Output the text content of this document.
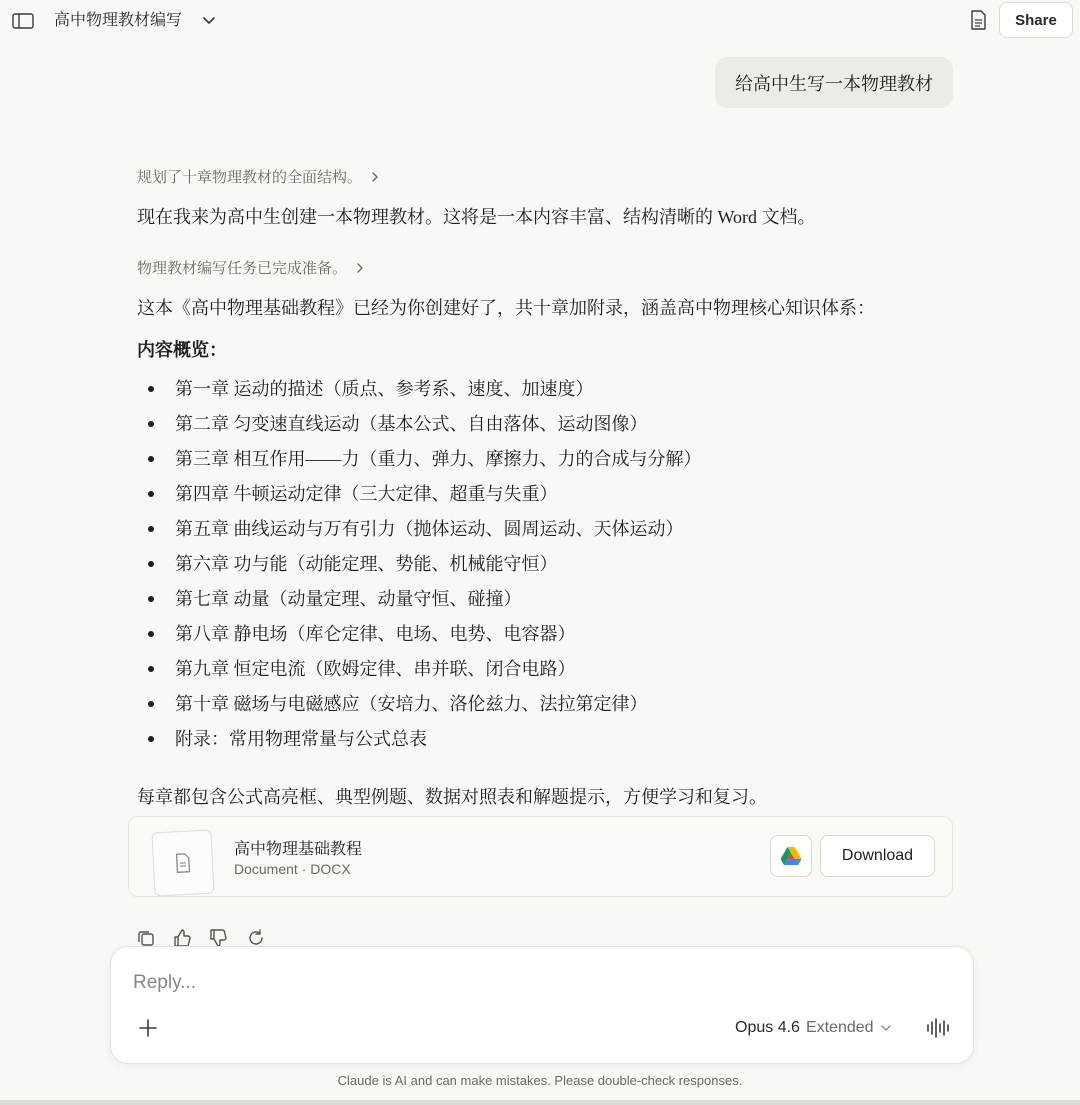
高中物理教材编写	Share
给高中生写一本物理教材
规划了十章物理教材的全面结构。
现在我来为高中生创建一本物理教材。这将是一本内容丰富、结构清晰的 Word 文档。
物理教材编写任务已完成准备。
这本《高中物理基础教程》已经为你创建好了，共十章加附录，涵盖高中物理核心知识体系：
内容概览：
第一章 运动的描述（质点、参考系、速度、加速度）
第二章 匀变速直线运动（基本公式、自由落体、运动图像）
第三章 相互作用——力（重力、弹力、摩擦力、力的合成与分解）
第四章 牛顿运动定律（三大定律、超重与失重）
第五章 曲线运动与万有引力（抛体运动、圆周运动、天体运动）
第六章 功与能（动能定理、势能、机械能守恒）
第七章 动量（动量定理、动量守恒、碰撞）
第八章 静电场（库仑定律、电场、电势、电容器）
第九章 恒定电流（欧姆定律、串并联、闭合电路）
第十章 磁场与电磁感应（安培力、洛伦兹力、法拉第定律）
附录：常用物理常量与公式总表
每章都包含公式高亮框、典型例题、数据对照表和解题提示，方便学习和复习。
高中物理基础教程
Document · DOCX
Download
Reply...
Opus 4.6 Extended
Claude is AI and can make mistakes. Please double-check responses.
